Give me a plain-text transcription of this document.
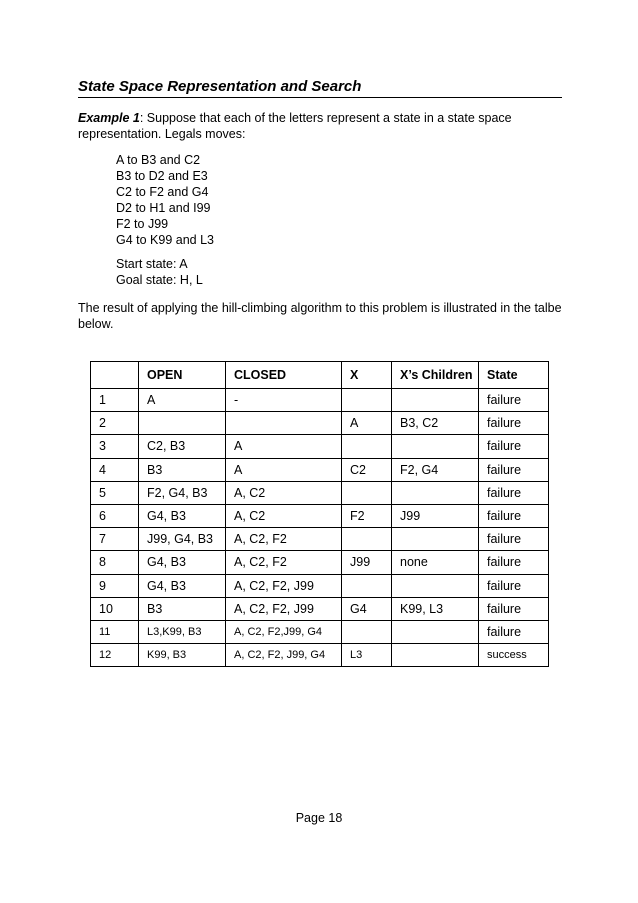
State Space Representation and Search
Example 1: Suppose that each of the letters represent a state in a state space representation. Legals moves:
A to B3 and C2
B3 to D2 and E3
C2 to F2 and G4
D2 to H1 and I99
F2 to J99
G4 to K99 and L3
Start state: A
Goal state: H, L
The result of applying the hill-climbing algorithm to this problem is illustrated in the talbe below.
	OPEN	CLOSED	X	X’s Children	State
1	A	-			failure
2			A	B3, C2	failure
3	C2, B3	A			failure
4	B3	A	C2	F2, G4	failure
5	F2, G4, B3	A, C2			failure
6	G4, B3	A, C2	F2	J99	failure
7	J99, G4, B3	A, C2, F2			failure
8	G4, B3	A, C2, F2	J99	none	failure
9	G4, B3	A, C2, F2, J99			failure
10	B3	A, C2, F2, J99	G4	K99, L3	failure
11	L3,K99, B3	A, C2, F2,J99, G4			failure
12	K99, B3	A, C2, F2, J99, G4	L3		success
Page 18
